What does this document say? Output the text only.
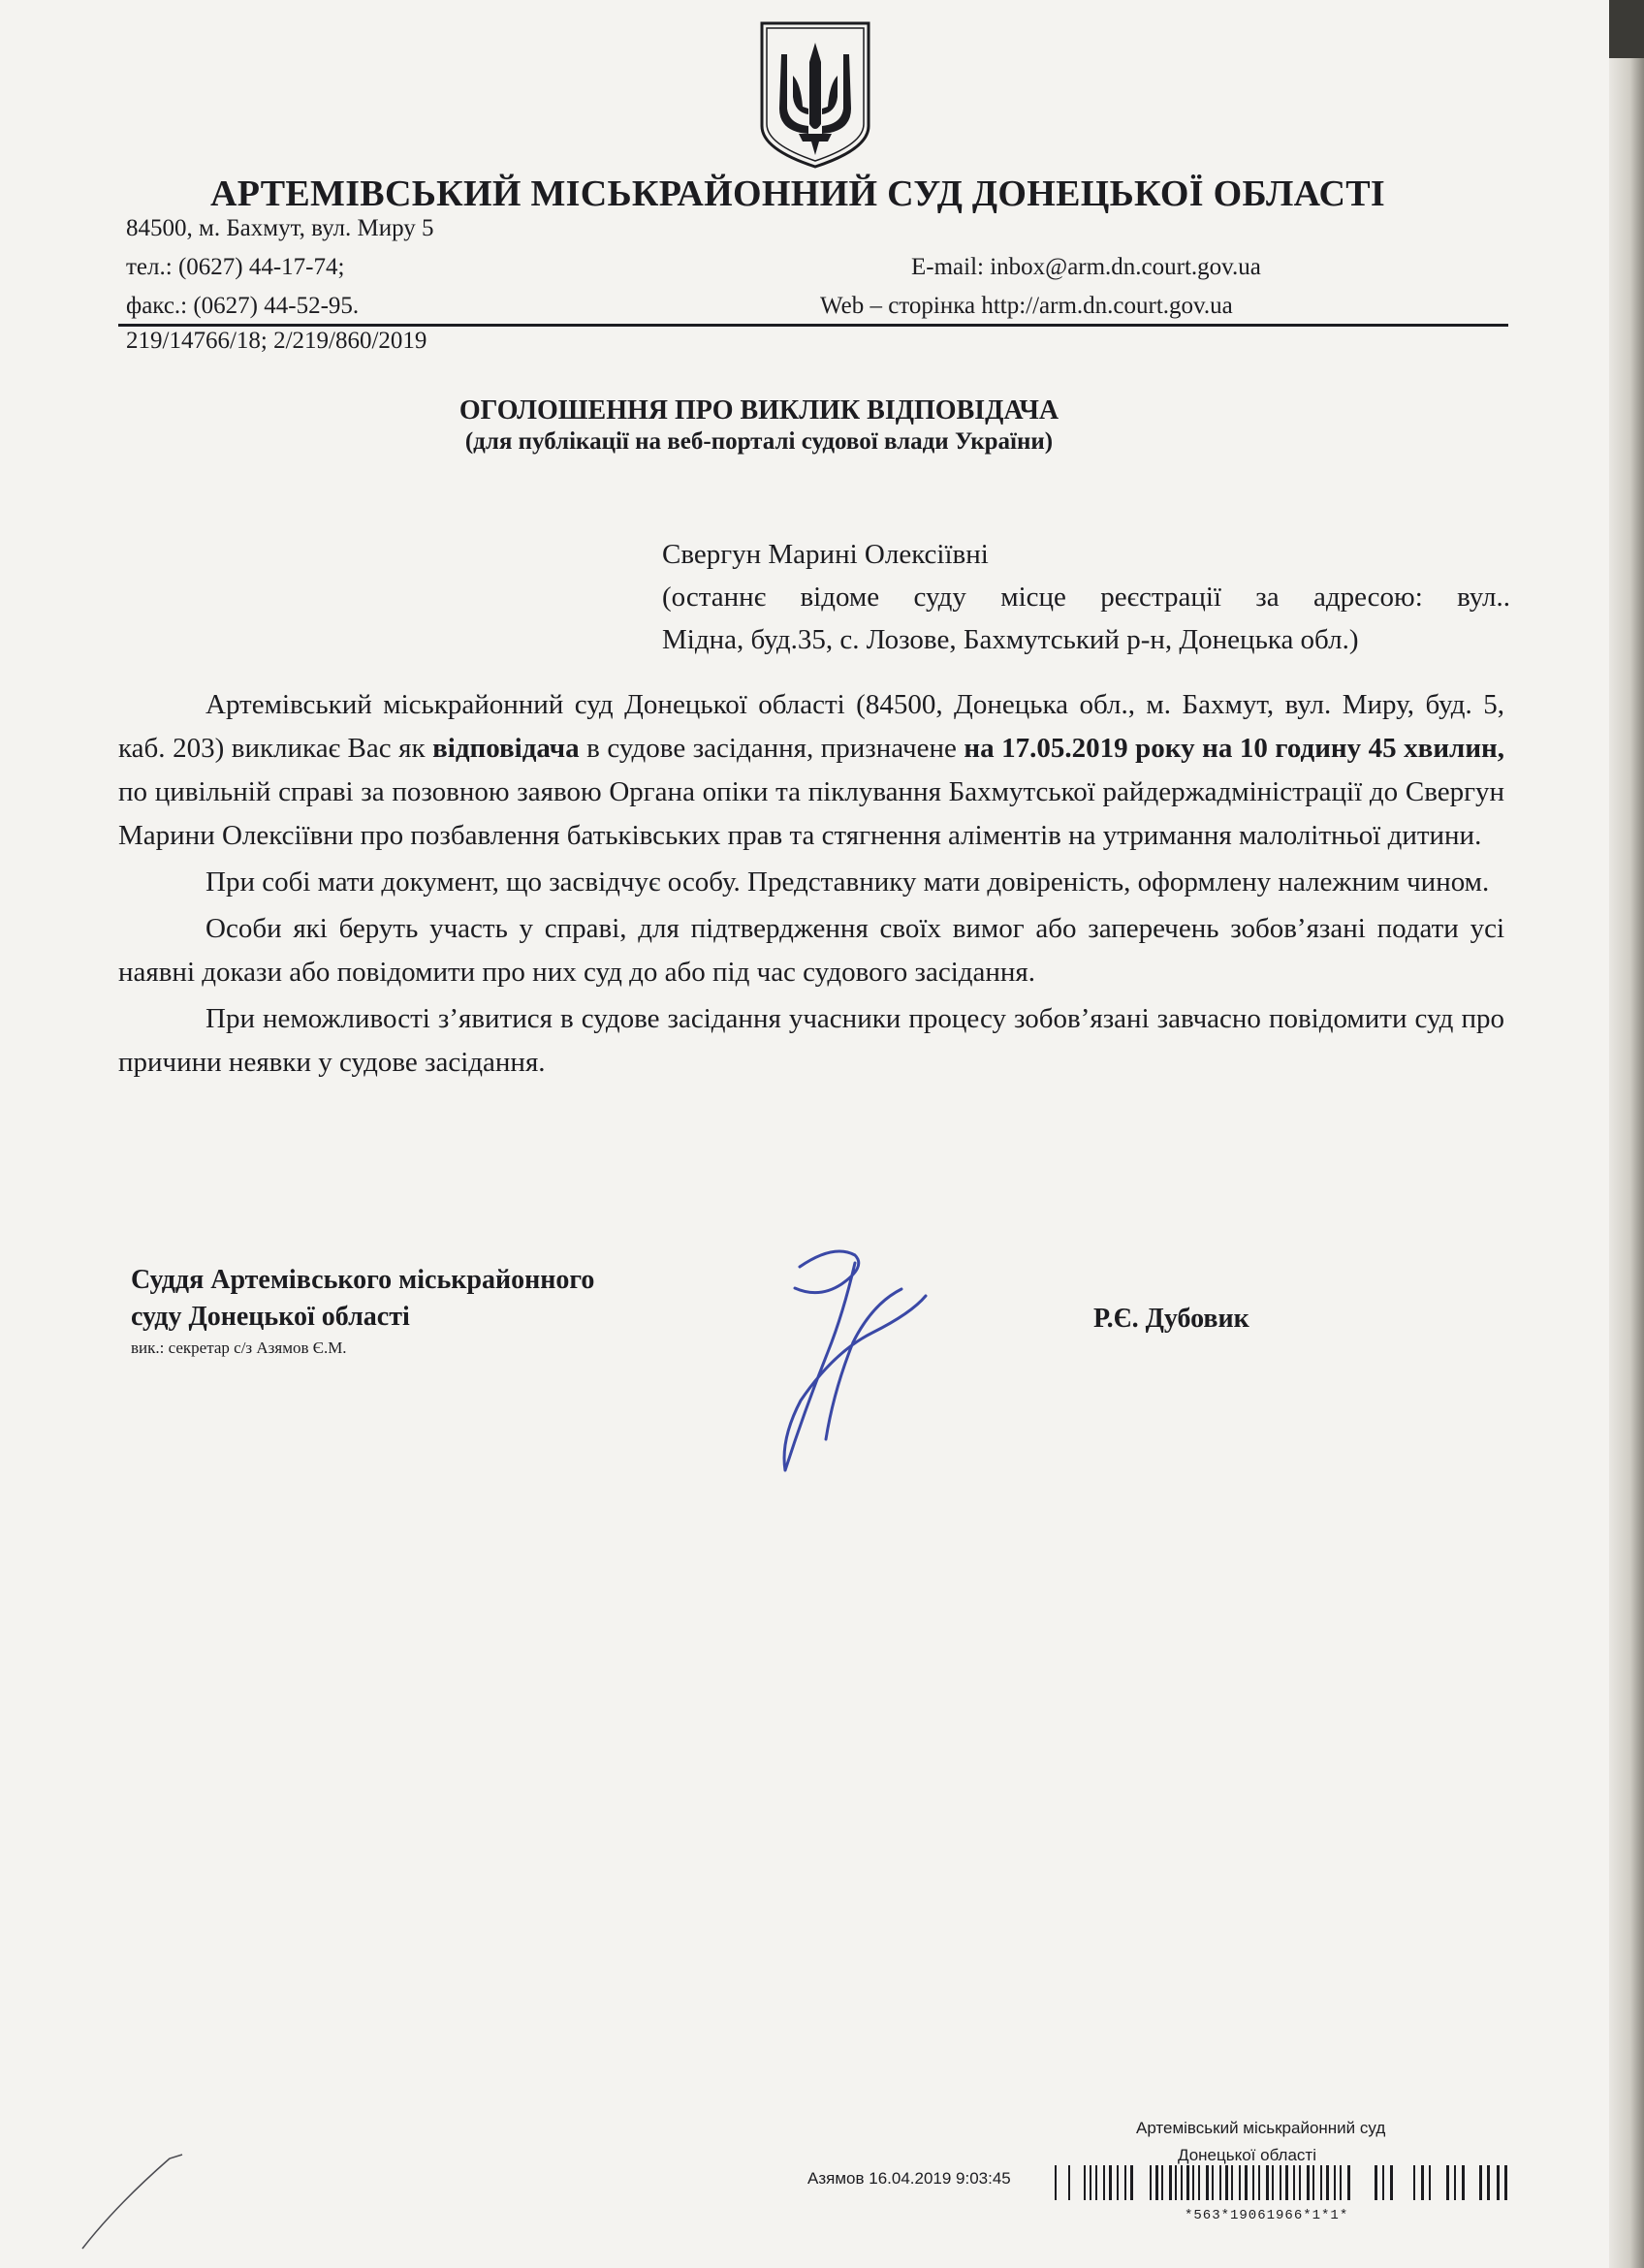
АРТЕМІВСЬКИЙ МІСЬКРАЙОННИЙ СУД ДОНЕЦЬКОЇ ОБЛАСТІ
84500, м. Бахмут, вул. Миру 5
тел.: (0627) 44-17-74;	E-mail: inbox@arm.dn.court.gov.ua
факс.: (0627) 44-52-95.	Web – сторінка http://arm.dn.court.gov.ua
219/14766/18; 2/219/860/2019
ОГОЛОШЕННЯ ПРО ВИКЛИК ВІДПОВІДАЧА
(для публікації на веб-порталі судової влади України)
Свергун Марині Олексіївні
(останнє відоме суду місце реєстрації за адресою: вул..
Мідна, буд.35, с. Лозове, Бахмутський р-н, Донецька обл.)

Артемівський міськрайонний суд Донецької області (84500, Донецька обл., м. Бахмут, вул. Миру, буд. 5, каб. 203) викликає Вас як відповідача в судове засідання, призначене на 17.05.2019 року на 10 годину 45 хвилин, по цивільній справі за позовною заявою Органа опіки та піклування Бахмутської райдержадміністрації до Свергун Марини Олексіївни про позбавлення батьківських прав та стягнення аліментів на утримання малолітньої дитини.

При собі мати документ, що засвідчує особу. Представнику мати довіреність, оформлену належним чином.

Особи які беруть участь у справі, для підтвердження своїх вимог або заперечень зобов’язані подати усі наявні докази або повідомити про них суд до або під час судового засідання.

При неможливості з’явитися в судове засідання учасники процесу зобов’язані завчасно повідомити суд про причини неявки у судове засідання.

Суддя Артемівського міськрайонного
суду Донецької області
вик.: секретар с/з Азямов Є.М.
Р.Є. Дубовик
Артемівський міськрайонний суд
Донецької області
Азямов 16.04.2019 9:03:45
*563*19061966*1*1*
